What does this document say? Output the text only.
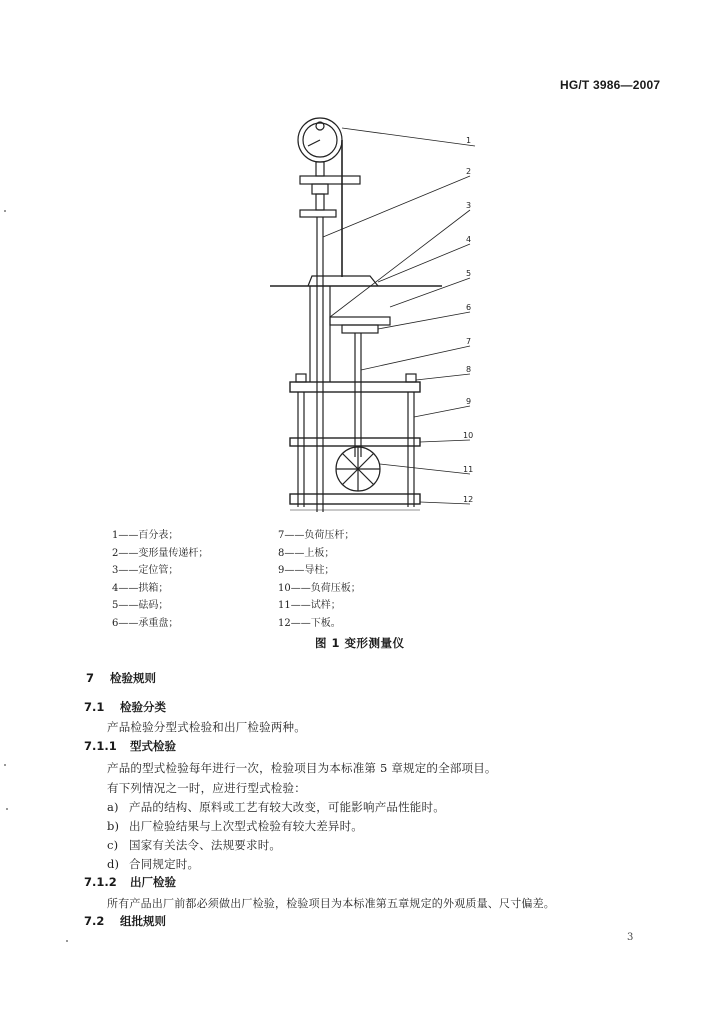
HG/T 3986—2007
1
2
3
4
5
6
7
8
9
10
11
12
1——百分表；
2——变形量传递杆；
3——定位管；
4——拱箱；
5——砝码；
6——承重盘；
7——负荷压杆；
8——上板；
9——导柱；
10——负荷压板；
11——试样；
12——下板。
图 1 变形测量仪
7 检验规则
7.1 检验分类
产品检验分型式检验和出厂检验两种。
7.1.1 型式检验
产品的型式检验每年进行一次，检验项目为本标准第 5 章规定的全部项目。
有下列情况之一时，应进行型式检验：
a) 产品的结构、原料或工艺有较大改变，可能影响产品性能时。
b) 出厂检验结果与上次型式检验有较大差异时。
c) 国家有关法令、法规要求时。
d) 合同规定时。
7.1.2 出厂检验
所有产品出厂前都必须做出厂检验，检验项目为本标准第五章规定的外观质量、尺寸偏差。
7.2 组批规则
3
